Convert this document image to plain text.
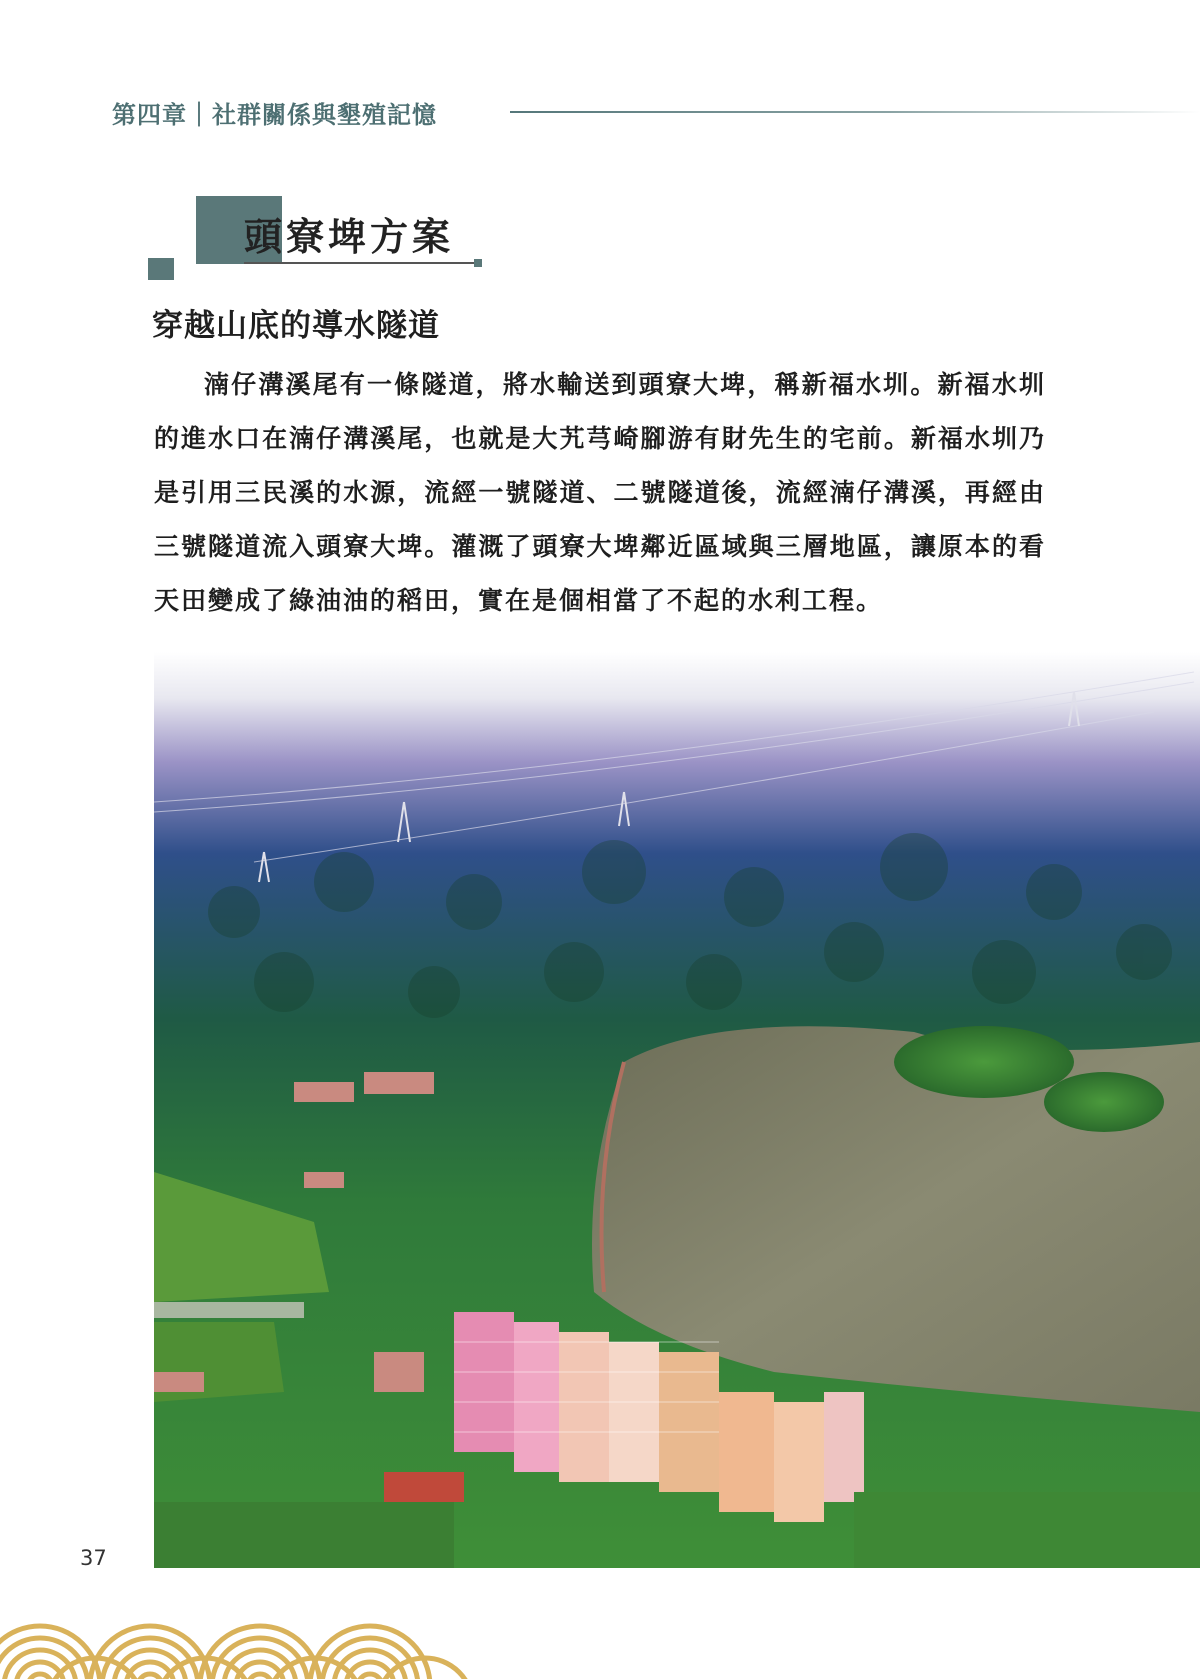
第四章｜社群關係與墾殖記憶
頭寮埤方案
穿越山底的導水隧道

湳仔溝溪尾有一條隧道，將水輸送到頭寮大埤，稱新福水圳。新福水圳的進水口在湳仔溝溪尾，也就是大艽芎崎腳游有財先生的宅前。新福水圳乃是引用三民溪的水源，流經一號隧道、二號隧道後，流經湳仔溝溪，再經由三號隧道流入頭寮大埤。灌溉了頭寮大埤鄰近區域與三層地區，讓原本的看天田變成了綠油油的稻田，實在是個相當了不起的水利工程。

37
